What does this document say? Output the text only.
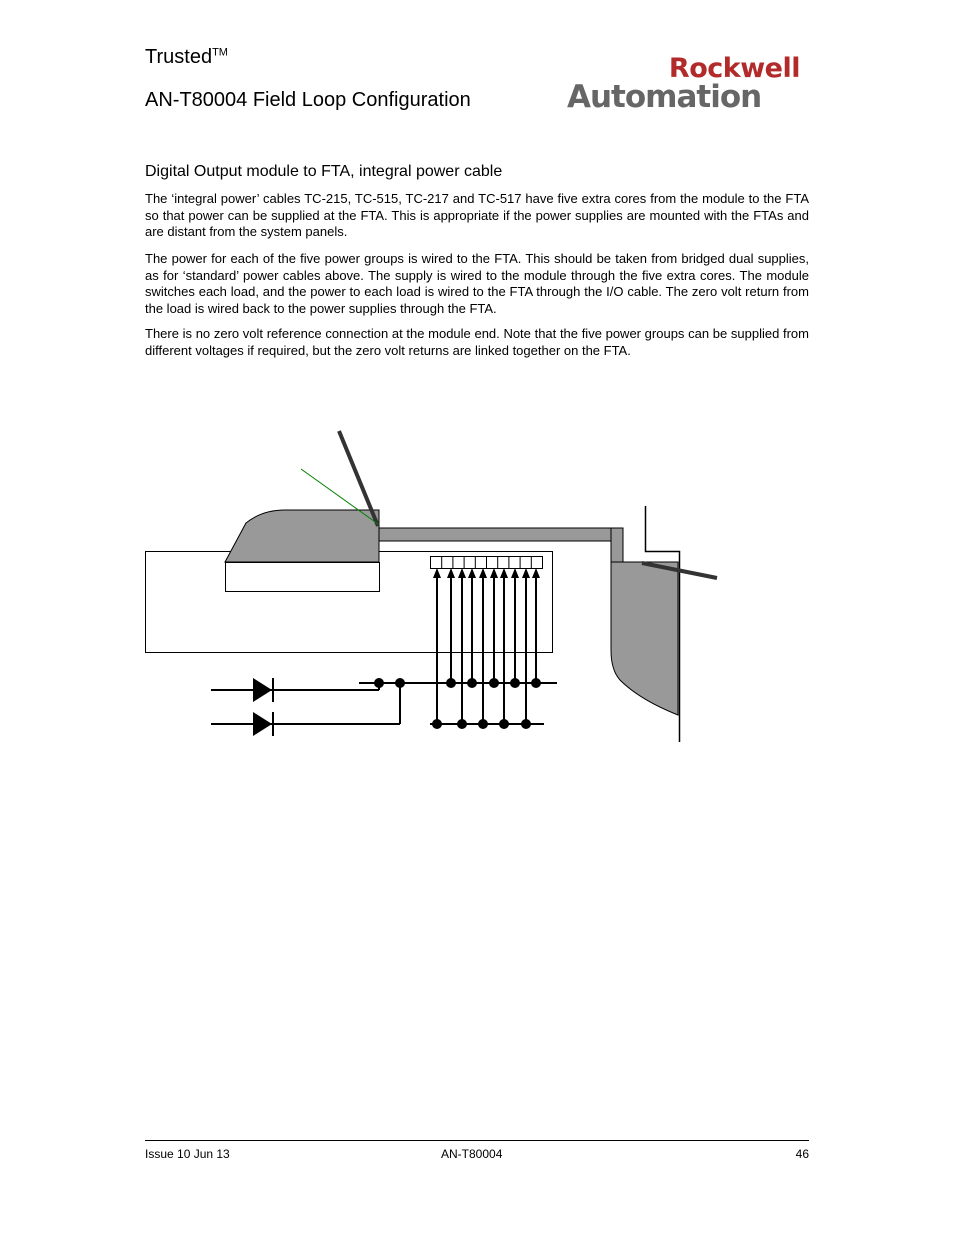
Trusted™
AN-T80004 Field Loop Configuration
Rockwell
Automation
Digital Output module to FTA, integral power cable

The ‘integral power’ cables TC-215, TC-515, TC-217 and TC-517 have five extra cores from the module to the FTA so that power can be supplied at the FTA. This is appropriate if the power supplies are mounted with the FTAs and are distant from the system panels.

The power for each of the five power groups is wired to the FTA. This should be taken from bridged dual supplies, as for ‘standard’ power cables above. The supply is wired to the module through the five extra cores. The module switches each load, and the power to each load is wired to the FTA through the I/O cable. The zero volt return from the load is wired back to the power supplies through the FTA.

There is no zero volt reference connection at the module end. Note that the five power groups can be supplied from different voltages if required, but the zero volt returns are linked together on the FTA.

Issue 10 Jun 13	AN-T80004	46
